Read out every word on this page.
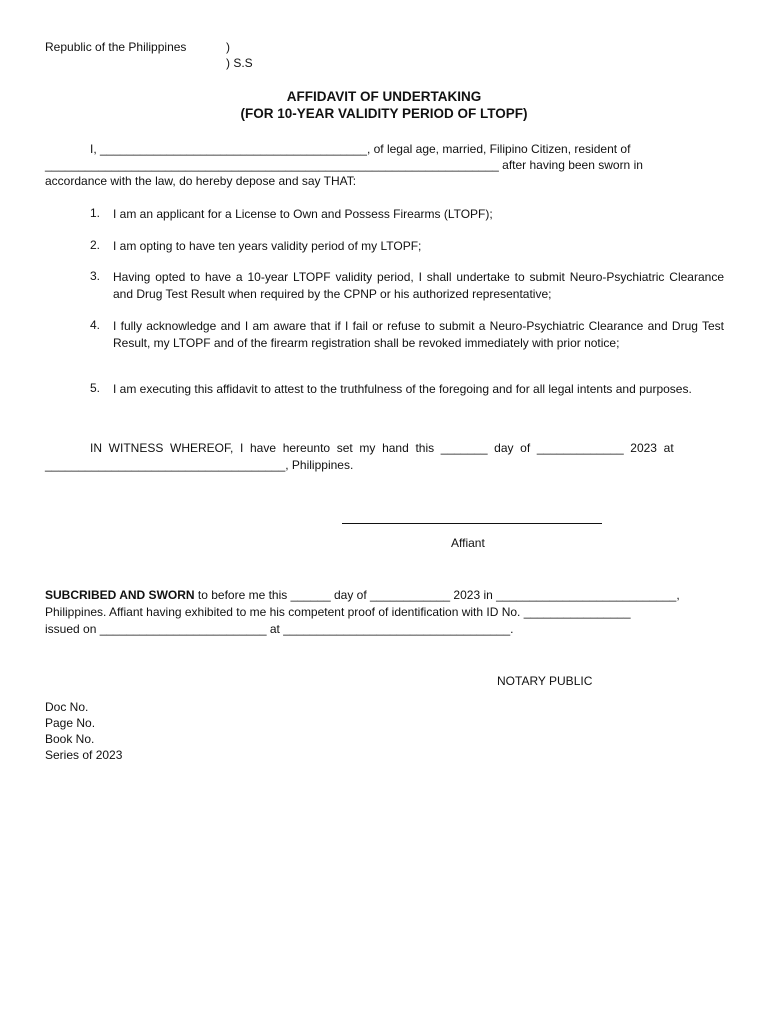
Republic of the Philippines	)
) S.S
AFFIDAVIT OF UNDERTAKING
(FOR 10-YEAR VALIDITY PERIOD OF LTOPF)
I, ________________________________________, of legal age, married, Filipino Citizen, resident of
____________________________________________________________________ after having been sworn in
accordance with the law, do hereby depose and say THAT:
1. I am an applicant for a License to Own and Possess Firearms (LTOPF);
2. I am opting to have ten years validity period of my LTOPF;
3. Having opted to have a 10-year LTOPF validity period, I shall undertake to submit Neuro-Psychiatric Clearance and Drug Test Result when required by the CPNP or his authorized representative;
4. I fully acknowledge and I am aware that if I fail or refuse to submit a Neuro-Psychiatric Clearance and Drug Test Result, my LTOPF and of the firearm registration shall be revoked immediately with prior notice;
5. I am executing this affidavit to attest to the truthfulness of the foregoing and for all legal intents and purposes.
IN  WITNESS  WHEREOF,  I  have  hereunto  set  my  hand  this  _______  day  of  _____________  2023  at
____________________________________, Philippines.
Affiant
SUBCRIBED AND SWORN to before me this ______ day of ____________ 2023 in ___________________________,
Philippines. Affiant having exhibited to me his competent proof of identification with ID No. ________________
issued on _________________________ at __________________________________.
NOTARY PUBLIC
Doc No.
Page No.
Book No.
Series of 2023
